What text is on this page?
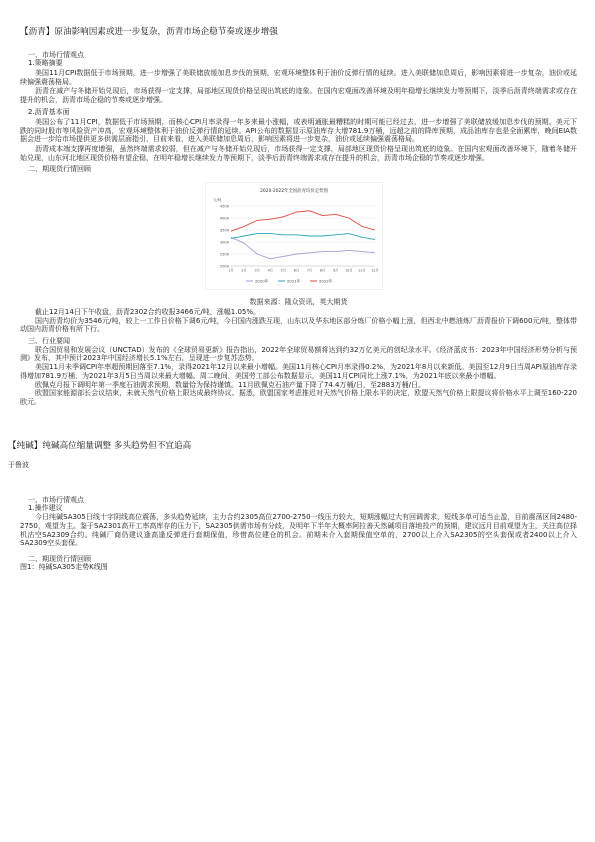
【沥青】原油影响因素或进一步复杂，沥青市场企稳节奏或逐步增强
一、市场行情观点
1.策略摘要

美国11月CPI数据低于市场预期，进一步增强了美联储放缓加息步伐的预期，宏观环境整体利于油价反弹行情的延续。进入美联储加息周后，影响因素将进一步复杂，油价或延续偏强震荡格局。

沥青在减产与冬储开始兑现后，市场获得一定支撑，局部地区现货价格呈现出筑底的迹象。在国内宏观面改善环境及明年稳增长继续发力等预期下，淡季后沥青终端需求或存在提升的机会，沥青市场企稳的节奏或逐步增强。

2.沥青基本面

美国公布了11月CPI，数据低于市场预期，而核心CPI月率录得一年多来最小涨幅，或表明通胀最糟糕的时期可能已经过去，进一步增强了美联储放缓加息步伐的预期。美元下跌的同时股市等风险资产冲高，宏观环境整体利于油价反弹行情的延续。API公布的数据显示原油库存大增781.9万桶，远超之前的降库预期，成品油库存也是全面累库，晚间EIA数据会进一步给市场提供更多供需层面指引，目前来看，进入美联储加息周后，影响因素将进一步复杂，油价或延续偏强震荡格局。

沥青成本端支撑再度增强，虽然终端需求较弱，但在减产与冬储开始兑现后，市场获得一定支撑，局部地区现货价格呈现出筑底的迹象。在国内宏观面改善环境下，随着冬储开始兑现，山东河北地区现货价格有望企稳，在明年稳增长继续发力等预期下，淡季后沥青终端需求或存在提升的机会，沥青市场企稳的节奏或逐步增强。

二、期现货行情回顾
2020-2022年全国沥青均价走势图
元/吨
2000
2500
3000
3500
4000
4500
1月 2月 3月 4月 5月 6月 7月 8月 9月 10月 11月 12月
2020年	2021年	2022年

数据来源：隆众资讯，英大期货

截止12月14日下午收盘，沥青2302合约收报3466元/吨，涨幅1.05%。

国内沥青均价为3546元/吨，较上一工作日价格下调6元/吨，今日国内涨跌互现，山东以及华东地区部分炼厂价格小幅上涨，但西北中燃油炼厂沥青报价下调600元/吨，整体带动国内沥青价格有所下行。

三、行业要闻

联合国贸易和发展会议（UNCTAD）发布的《全球贸易更新》报告指出，2022年全球贸易额将达到约32万亿美元的创纪录水平。《经济蓝皮书：2023年中国经济形势分析与预测》发布，其中预计2023年中国经济增长5.1%左右，呈现进一步复苏态势。

美国11月未季调CPI年率超预期回落至7.1%，录得2021年12月以来最小增幅。美国11月核心CPI月率录得0.2%，为2021年8月以来新低。美国至12月9日当周API原油库存录得增加781.9万桶，为2021年3月5日当周以来最大增幅。周二晚间，美国劳工部公布数据显示，美国11月CPI同比上涨7.1%，为2021年底以来最小增幅。

欧佩克月报下调明年第一季度石油需求预期，数量恰为保持谨慎。11月欧佩克石油产量下降了74.4万桶/日，至2883万桶/日。

欧盟国家能源部长会议结束，未就天然气价格上限达成最终协议。据悉，欧盟国家考虑推迟对天然气价格上限水平的决定，欧盟天然气价格上限提议将价格水平上调至160-220欧元。

【纯碱】纯碱高位缩量调整 多头趋势但不宜追高

于鲁波

一、市场行情观点
1.操作建议

今日纯碱SA305日线十字阴线高位震荡，多头趋势延续，主力合约2305高位2700-2750一线压力较大，短期涨幅过大有回调需求，短线多单可适当止盈，目前震荡区间2480-2750，观望为主。鉴于SA2301高开工率高库存的压力下，SA2305供需市场有分歧，及明年下半年大概率阿拉善天然碱项目落地投产的预期，建议远月目前观望为主，关注高位择机沽空SA2309合约。纯碱厂商仍建议逢高逢反弹进行套期保值，珍惜高位建仓的机会。前期未介入套期保值空单的，2700以上介入SA2305的空头套保或者2400以上介入SA2309空头套保。

二、期现货行情回顾

图1：纯碱SA305走势K线图
